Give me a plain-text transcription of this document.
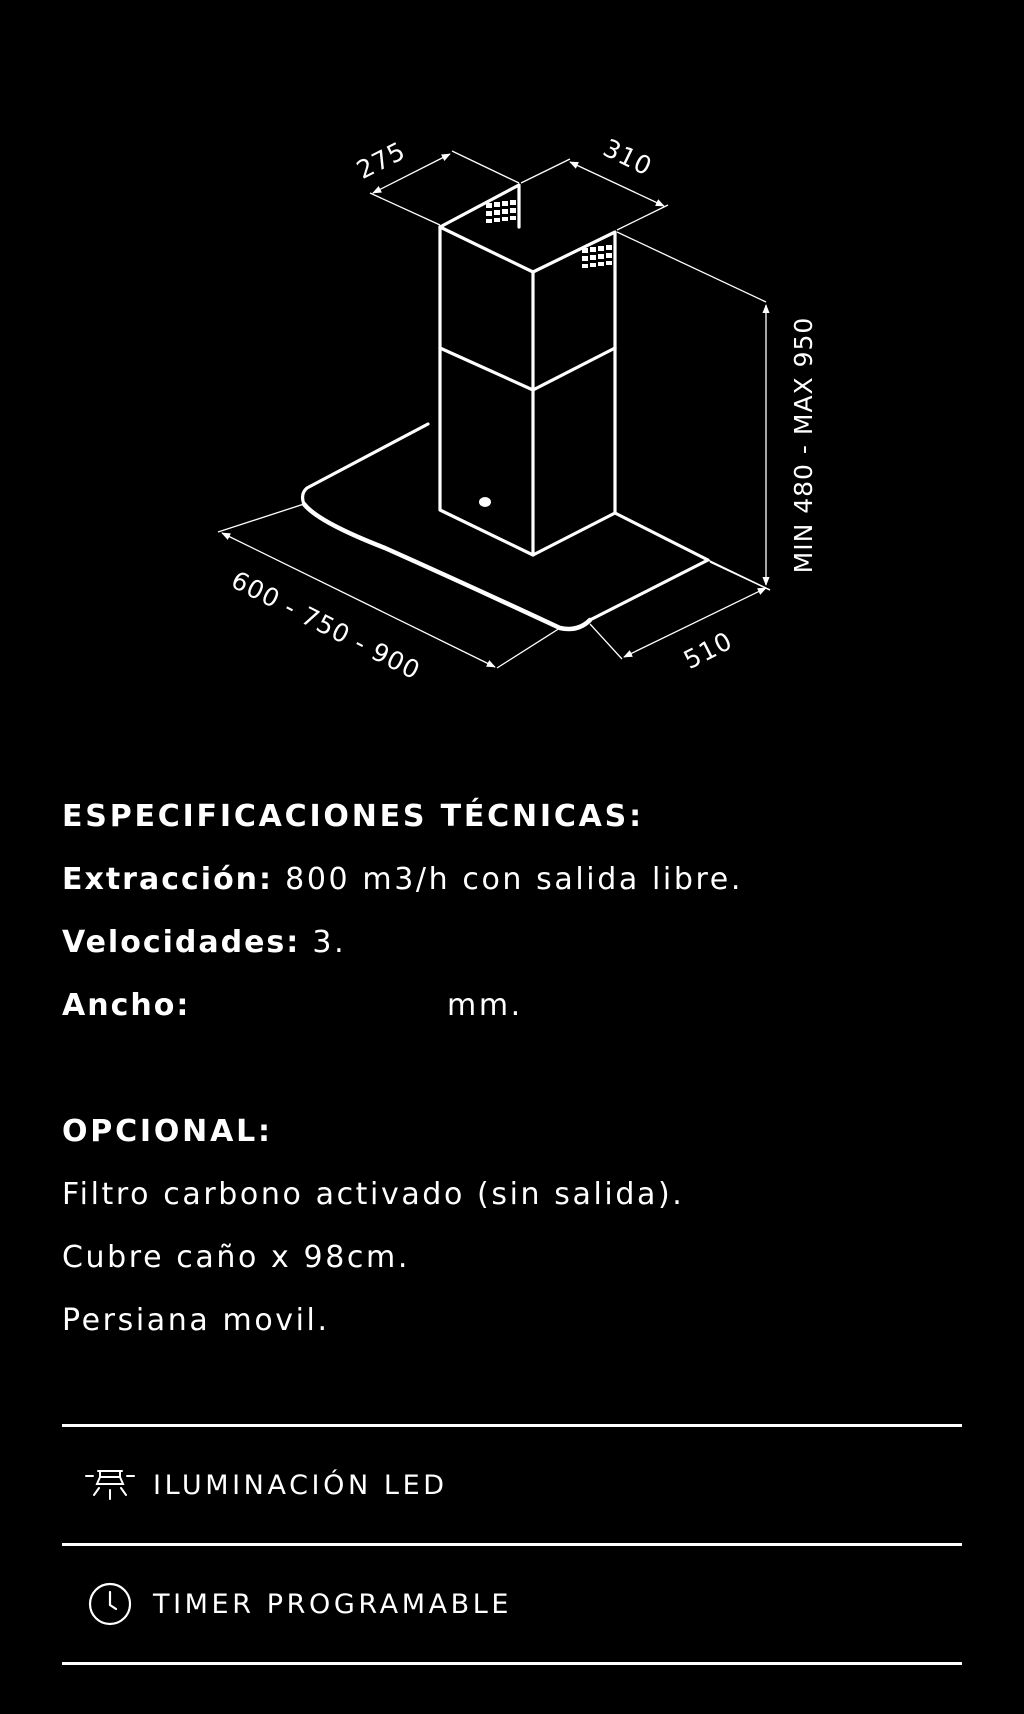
275	310
MIN 480 - MAX 950
600 - 750 - 900	510
ESPECIFICACIONES TÉCNICAS:
Extracción: 800 m3/h con salida libre.
Velocidades: 3.
Ancho:	mm.
OPCIONAL:
Filtro carbono activado (sin salida).
Cubre caño x 98cm.
Persiana movil.
ILUMINACIÓN LED
TIMER PROGRAMABLE
